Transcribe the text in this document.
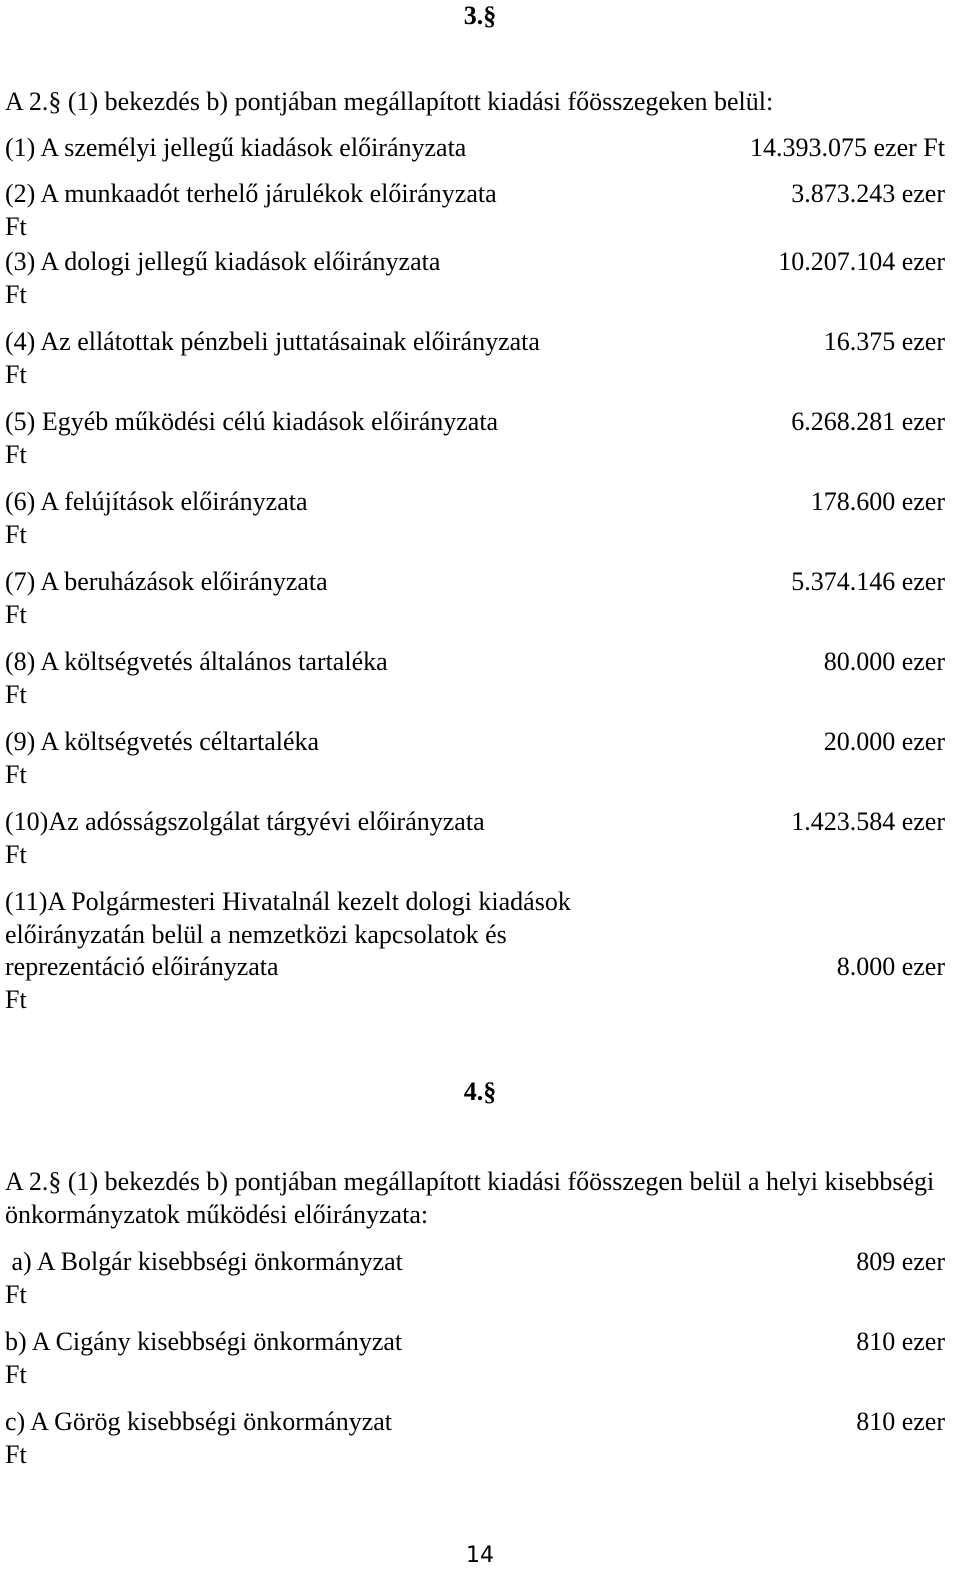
3.§
A 2.§ (1) bekezdés b) pontjában megállapított kiadási főösszegeken belül:
(1) A személyi jellegű kiadások előirányzata	14.393.075 ezer Ft
(2) A munkaadót terhelő járulékok előirányzata	3.873.243 ezer
Ft
(3) A dologi jellegű kiadások előirányzata	10.207.104 ezer
Ft
(4) Az ellátottak pénzbeli juttatásainak előirányzata	16.375 ezer
Ft
(5) Egyéb működési célú kiadások előirányzata	6.268.281 ezer
Ft
(6) A felújítások előirányzata	178.600 ezer
Ft
(7) A beruházások előirányzata	5.374.146 ezer
Ft
(8) A költségvetés általános tartaléka	80.000 ezer
Ft
(9) A költségvetés céltartaléka	20.000 ezer
Ft
(10)Az adósságszolgálat tárgyévi előirányzata	1.423.584 ezer
Ft
(11)A Polgármesteri Hivatalnál kezelt dologi kiadások
előirányzatán belül a nemzetközi kapcsolatok és
reprezentáció előirányzata	8.000 ezer
Ft
4.§
A 2.§ (1) bekezdés b) pontjában megállapított kiadási főösszegen belül a helyi kisebbségi önkormányzatok működési előirányzata:
a) A Bolgár kisebbségi önkormányzat	809 ezer
Ft
b) A Cigány kisebbségi önkormányzat	810 ezer
Ft
c) A Görög kisebbségi önkormányzat	810 ezer
Ft
14
